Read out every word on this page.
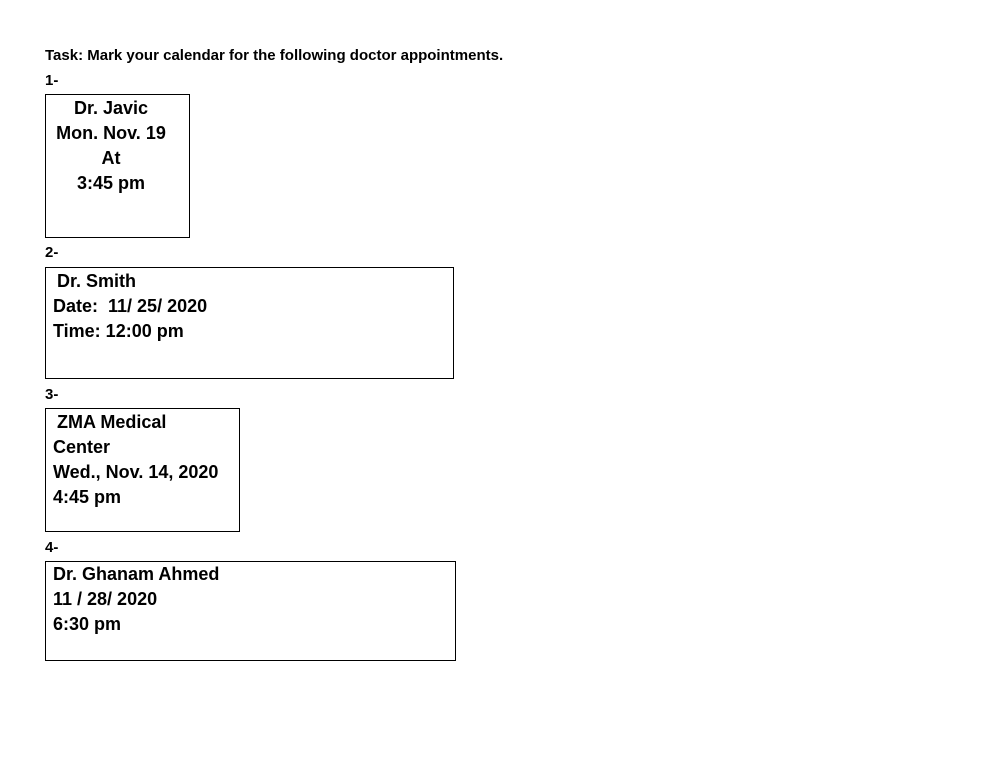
Task: Mark your calendar for the following doctor appointments.
1-
Dr. Javic
Mon. Nov. 19
At
3:45 pm
2-
Dr. Smith
Date:  11/ 25/ 2020
Time: 12:00 pm
3-
ZMA Medical
Center
Wed., Nov. 14, 2020
4:45 pm
4-
Dr. Ghanam Ahmed
11 / 28/ 2020
6:30 pm
